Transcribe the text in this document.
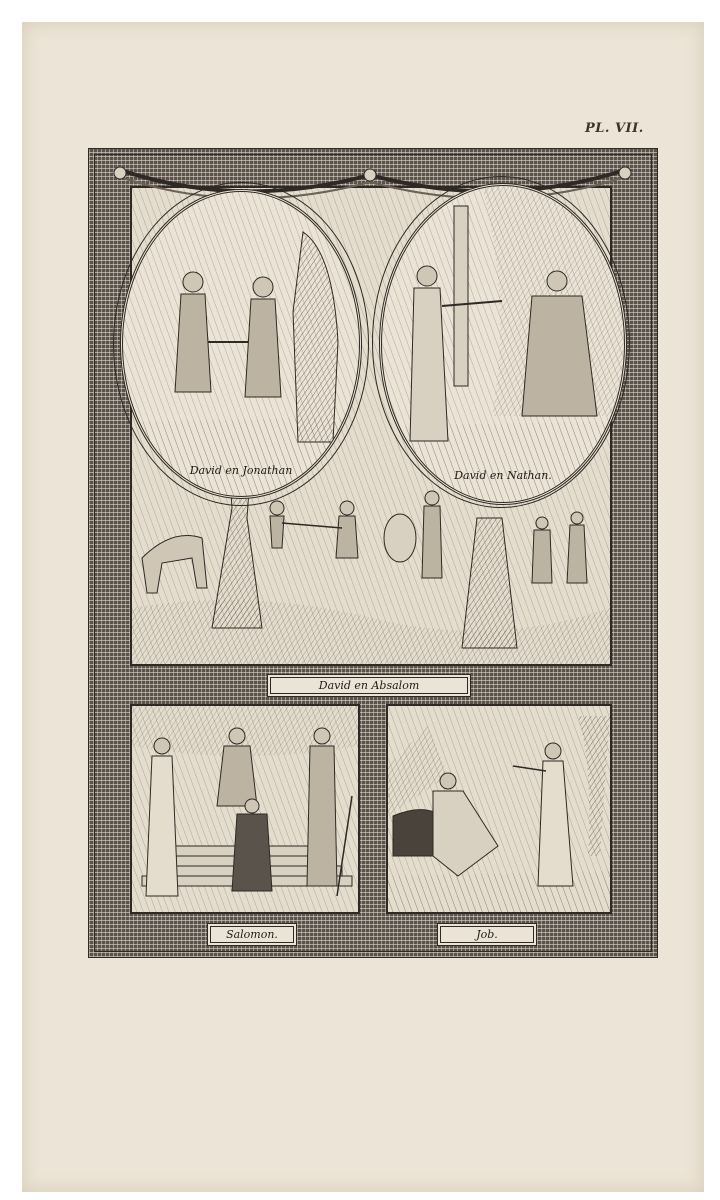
PL. VII.
David en Jonathan	David en Nathan.
David en Absalom
Salomon.	Job.
